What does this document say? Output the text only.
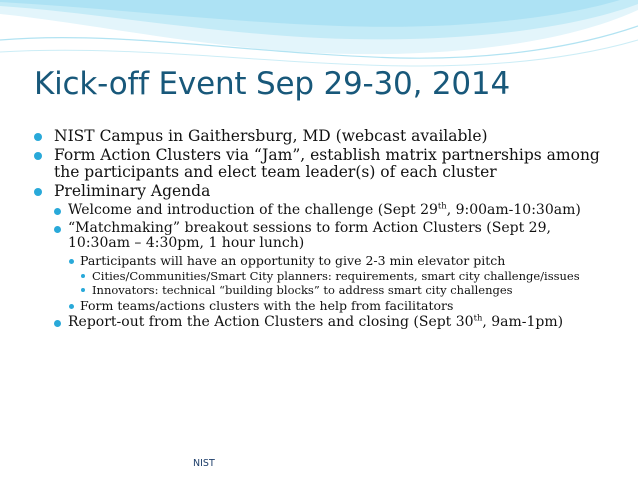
Kick-off Event Sep 29-30, 2014
NIST Campus in Gaithersburg, MD (webcast available)
Form Action Clusters via “Jam”, establish matrix partnerships among the participants and elect team leader(s) of each cluster
Preliminary Agenda
Welcome and introduction of the challenge (Sept 29th, 9:00am-10:30am)
“Matchmaking” breakout sessions to form Action Clusters (Sept 29, 10:30am – 4:30pm, 1 hour lunch)
Participants will have an opportunity to give 2-3 min elevator pitch
Cities/Communities/Smart City planners: requirements, smart city challenge/issues
Innovators: technical “building blocks” to address smart city challenges
Form teams/actions clusters with the help from facilitators
Report-out from the Action Clusters and closing (Sept 30th, 9am-1pm)
NIST
